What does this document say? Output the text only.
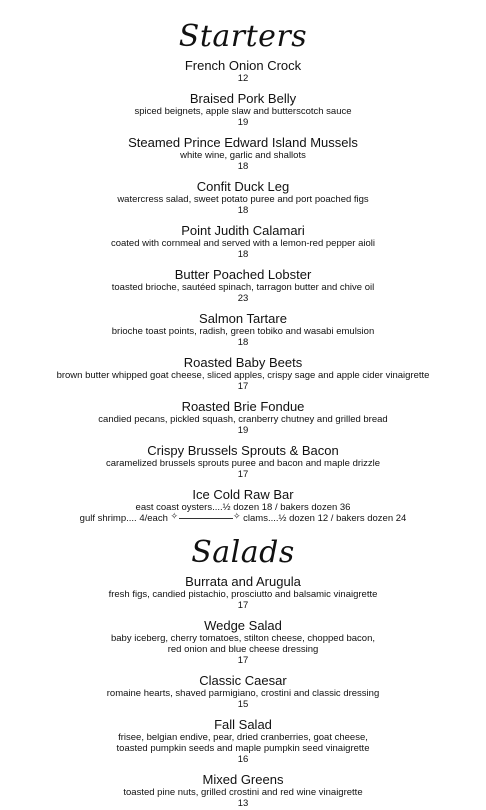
Starters
French Onion Crock
12
Braised Pork Belly
spiced beignets, apple slaw and butterscotch sauce
19
Steamed Prince Edward Island Mussels
white wine, garlic and shallots
18
Confit Duck Leg
watercress salad, sweet potato puree and port poached figs
18
Point Judith Calamari
coated with cornmeal and served with a lemon-red pepper aioli
18
Butter Poached Lobster
toasted brioche, sautéed spinach, tarragon butter and chive oil
23
Salmon Tartare
brioche toast points, radish, green tobiko and wasabi emulsion
18
Roasted Baby Beets
brown butter whipped goat cheese, sliced apples, crispy sage and apple cider vinaigrette
17
Roasted Brie Fondue
candied pecans, pickled squash, cranberry chutney and grilled bread
19
Crispy Brussels Sprouts & Bacon
caramelized brussels sprouts puree and bacon and maple drizzle
17
Ice Cold Raw Bar
east coast oysters....½ dozen 18 / bakers dozen 36
gulf shrimp.... 4/each ✧	✧ clams....½ dozen 12 / bakers dozen 24
Salads
Burrata and Arugula
fresh figs, candied pistachio, prosciutto and balsamic vinaigrette
17
Wedge Salad
baby iceberg, cherry tomatoes, stilton cheese, chopped bacon,
red onion and blue cheese dressing
17
Classic Caesar
romaine hearts, shaved parmigiano, crostini and classic dressing
15
Fall Salad
frisee, belgian endive, pear, dried cranberries, goat cheese,
toasted pumpkin seeds and maple pumpkin seed vinaigrette
16
Mixed Greens
toasted pine nuts, grilled crostini and red wine vinaigrette
13
